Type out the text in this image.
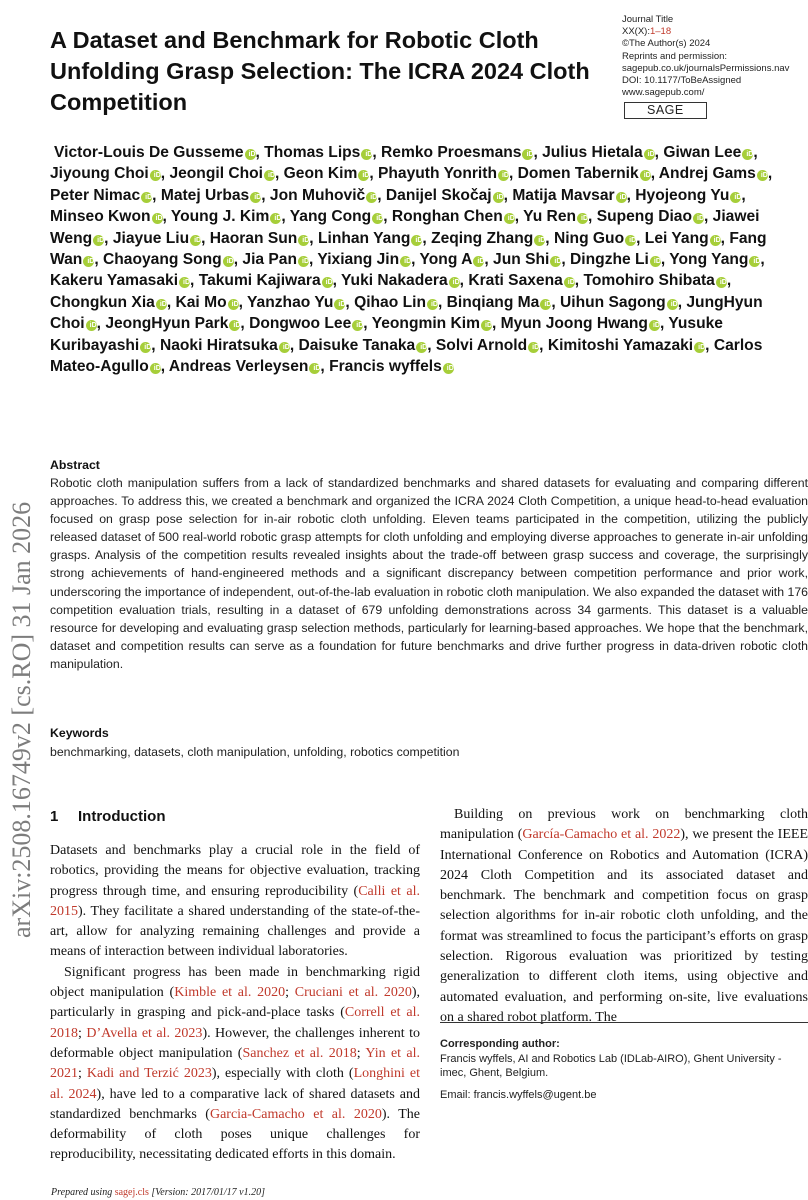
arXiv:2508.16749v2 [cs.RO] 31 Jan 2026
A Dataset and Benchmark for Robotic Cloth Unfolding Grasp Selection: The ICRA 2024 Cloth Competition
Journal Title
XX(X):1–18
©The Author(s) 2024
Reprints and permission:
sagepub.co.uk/journalsPermissions.nav
DOI: 10.1177/ToBeAssigned
www.sagepub.com/
SAGE
Victor-Louis De Gusseme iD, Thomas Lips iD, Remko Proesmans iD, Julius Hietala iD, Giwan Lee iD, Jiyoung Choi iD, Jeongil Choi iD, Geon Kim iD, Phayuth Yonrith iD, Domen Tabernik iD, Andrej Gams iD, Peter Nimac iD, Matej Urbas iD, Jon Muhovič iD, Danijel Skočaj iD, Matija Mavsar iD, Hyojeong Yu iD, Minseo Kwon iD, Young J. Kim iD, Yang Cong iD, Ronghan Chen iD, Yu Ren iD, Supeng Diao iD, Jiawei Weng iD, Jiayue Liu iD, Haoran Sun iD, Linhan Yang iD, Zeqing Zhang iD, Ning Guo iD, Lei Yang iD, Fang Wan iD, Chaoyang Song iD, Jia Pan iD, Yixiang Jin iD, Yong A iD, Jun Shi iD, Dingzhe Li iD, Yong Yang iD, Kakeru Yamasaki iD, Takumi Kajiwara iD, Yuki Nakadera iD, Krati Saxena iD, Tomohiro Shibata iD, Chongkun Xia iD, Kai Mo iD, Yanzhao Yu iD, Qihao Lin iD, Binqiang Ma iD, Uihun Sagong iD, JungHyun Choi iD, JeongHyun Park iD, Dongwoo Lee iD, Yeongmin Kim iD, Myun Joong Hwang iD, Yusuke Kuribayashi iD, Naoki Hiratsuka iD, Daisuke Tanaka iD, Solvi Arnold iD, Kimitoshi Yamazaki iD, Carlos Mateo-Agullo iD, Andreas Verleysen iD, Francis wyffels iD
Abstract
Robotic cloth manipulation suffers from a lack of standardized benchmarks and shared datasets for evaluating and comparing different approaches. To address this, we created a benchmark and organized the ICRA 2024 Cloth Competition, a unique head-to-head evaluation focused on grasp pose selection for in-air robotic cloth unfolding. Eleven teams participated in the competition, utilizing the publicly released dataset of 500 real-world robotic grasp attempts for cloth unfolding and employing diverse approaches to generate in-air unfolding grasps. Analysis of the competition results revealed insights about the trade-off between grasp success and coverage, the surprisingly strong achievements of hand-engineered methods and a significant discrepancy between competition performance and prior work, underscoring the importance of independent, out-of-the-lab evaluation in robotic cloth manipulation. We also expanded the dataset with 176 competition evaluation trials, resulting in a dataset of 679 unfolding demonstrations across 34 garments. This dataset is a valuable resource for developing and evaluating grasp selection methods, particularly for learning-based approaches. We hope that the benchmark, dataset and competition results can serve as a foundation for future benchmarks and drive further progress in data-driven robotic cloth manipulation.
Keywords
benchmarking, datasets, cloth manipulation, unfolding, robotics competition
1 Introduction

Datasets and benchmarks play a crucial role in the field of robotics, providing the means for objective evaluation, tracking progress through time, and ensuring reproducibility (Calli et al. 2015). They facilitate a shared understanding of the state-of-the-art, allow for analyzing remaining challenges and provide a means of interaction between individual laboratories.

Significant progress has been made in benchmarking rigid object manipulation (Kimble et al. 2020; Cruciani et al. 2020), particularly in grasping and pick-and-place tasks (Correll et al. 2018; D’Avella et al. 2023). However, the challenges inherent to deformable object manipulation (Sanchez et al. 2018; Yin et al. 2021; Kadi and Terzić 2023), especially with cloth (Longhini et al. 2024), have led to a comparative lack of shared datasets and standardized benchmarks (Garcia-Camacho et al. 2020). The deformability of cloth poses unique challenges for reproducibility, necessitating dedicated efforts in this domain.

Building on previous work on benchmarking cloth manipulation (García-Camacho et al. 2022), we present the IEEE International Conference on Robotics and Automation (ICRA) 2024 Cloth Competition and its associated dataset and benchmark. The benchmark and competition focus on grasp selection algorithms for in-air robotic cloth unfolding, and the format was streamlined to focus the participant’s efforts on grasp selection. Rigorous evaluation was prioritized by testing generalization to different cloth items, using objective and automated evaluation, and performing on-site, live evaluations on a shared robot platform. The

Corresponding author:
Francis wyffels, AI and Robotics Lab (IDLab-AIRO), Ghent University - imec, Ghent, Belgium.
Email: francis.wyffels@ugent.be
Prepared using sagej.cls [Version: 2017/01/17 v1.20]
